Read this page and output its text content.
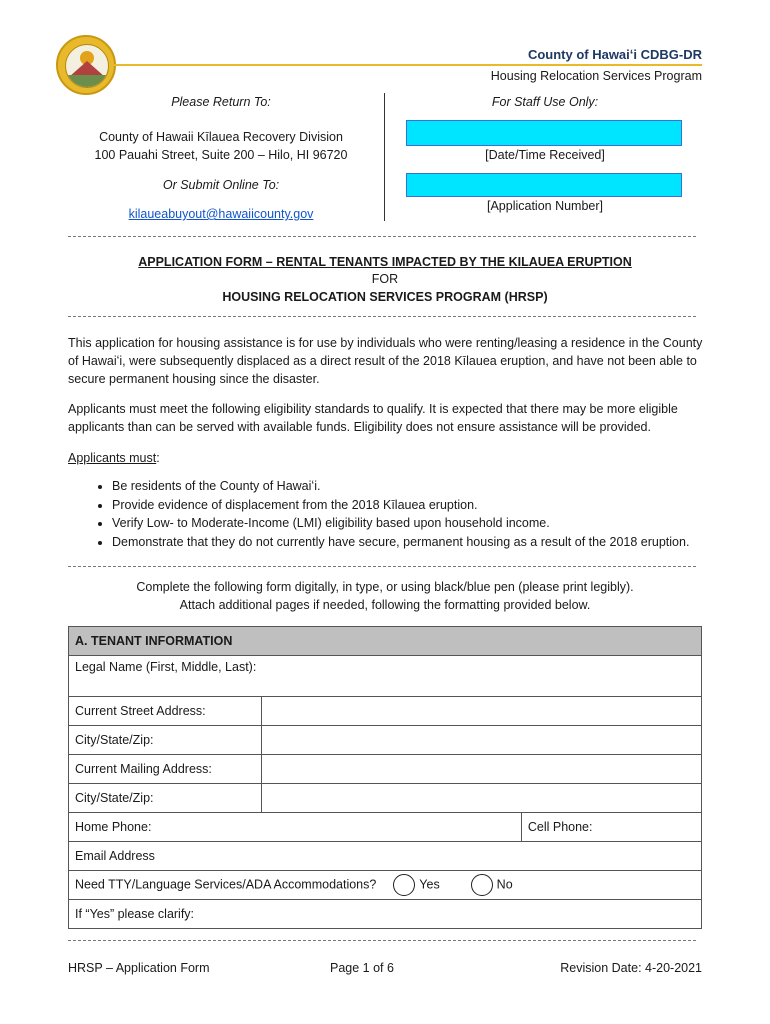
County of Hawaiʻi CDBG-DR
Housing Relocation Services Program
Please Return To:
County of Hawaii Kīlauea Recovery Division
100 Pauahi Street, Suite 200 – Hilo, HI 96720
Or Submit Online To:
kilaueabuyout@hawaiicounty.gov
For Staff Use Only:
[Date/Time Received]
[Application Number]
APPLICATION FORM – RENTAL TENANTS IMPACTED BY THE KILAUEA ERUPTION
FOR
HOUSING RELOCATION SERVICES PROGRAM (HRSP)
This application for housing assistance is for use by individuals who were renting/leasing a residence in the County of Hawaiʻi, were subsequently displaced as a direct result of the 2018 Kīlauea eruption, and have not been able to secure permanent housing since the disaster.
Applicants must meet the following eligibility standards to qualify. It is expected that there may be more eligible applicants than can be served with available funds. Eligibility does not ensure assistance will be provided.
Applicants must:
• Be residents of the County of Hawaiʻi.
• Provide evidence of displacement from the 2018 Kīlauea eruption.
• Verify Low- to Moderate-Income (LMI) eligibility based upon household income.
• Demonstrate that they do not currently have secure, permanent housing as a result of the 2018 eruption.
Complete the following form digitally, in type, or using black/blue pen (please print legibly).
Attach additional pages if needed, following the formatting provided below.
A. TENANT INFORMATION		
Legal Name (First, Middle, Last):		
Current Street Address:		
City/State/Zip:		
Current Mailing Address:		
City/State/Zip:		
Home Phone:		Cell Phone:
Email Address		
Need TTY/Language Services/ADA Accommodations? Yes No		
If “Yes” please clarify:		
HRSP – Application Form	Page 1 of 6	Revision Date: 4-20-2021
